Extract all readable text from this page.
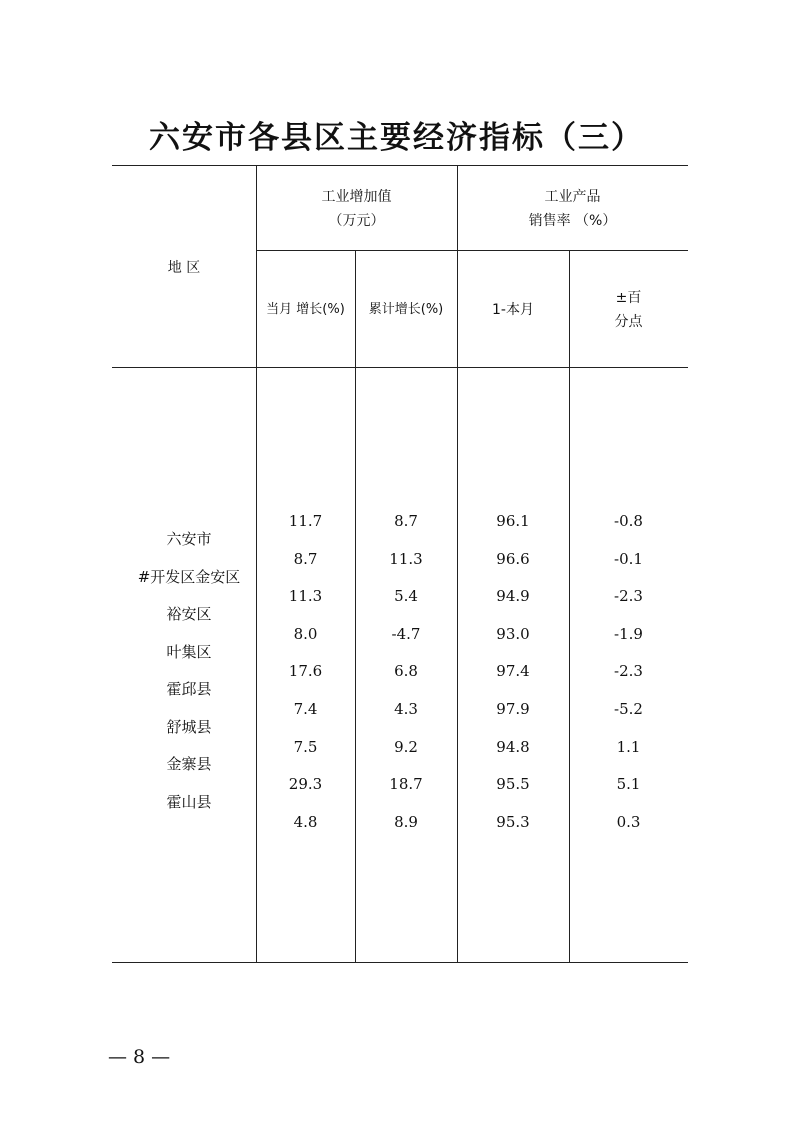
六安市各县区主要经济指标（三）
地 区
工业增加值
（万元）
工业产品
销售率 （%）
当月 增长(%)	累计增长(%)	1-本月
±百
分点
六安市
#开发区金安区
裕安区
叶集区
霍邱县
舒城县
金寨县
霍山县
11.7
8.7
11.3
8.0
17.6
7.4
7.5
29.3
4.8
8.7
11.3
5.4
-4.7
6.8
4.3
9.2
18.7
8.9
96.1
96.6
94.9
93.0
97.4
97.9
94.8
95.5
95.3
-0.8
-0.1
-2.3
-1.9
-2.3
-5.2
1.1
5.1
0.3
— 8 —
